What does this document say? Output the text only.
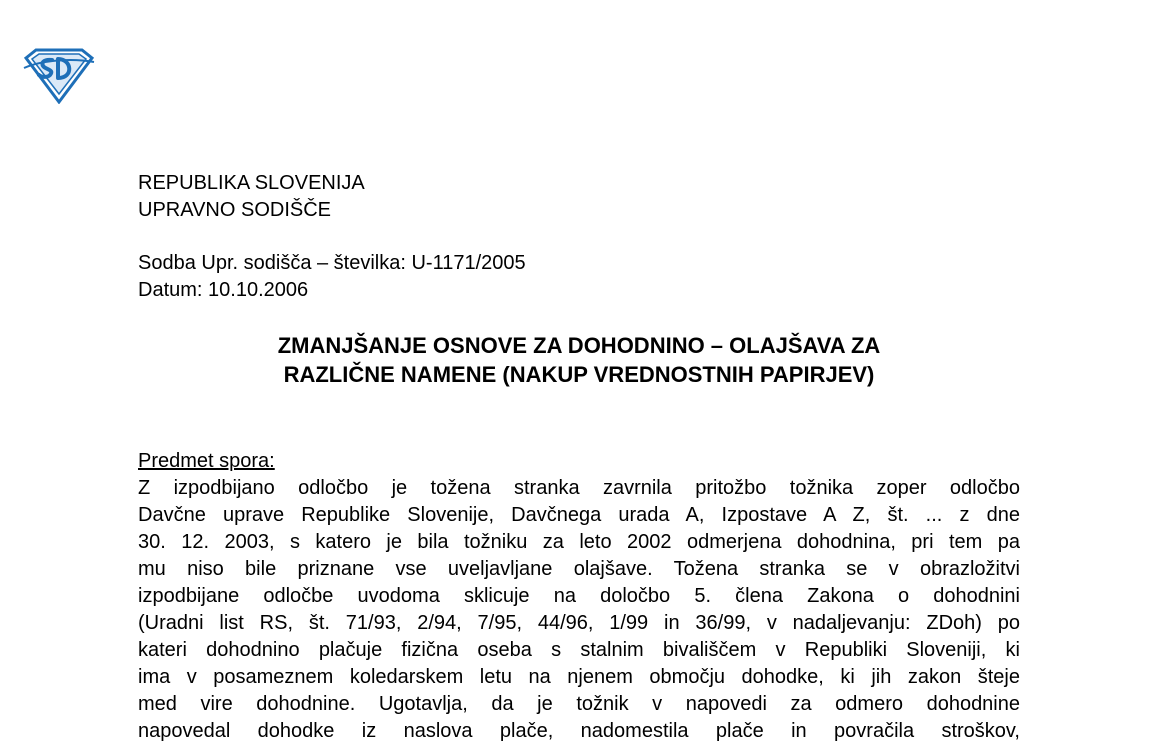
REPUBLIKA SLOVENIJA
UPRAVNO SODIŠČE
Sodba Upr. sodišča – številka: U-1171/2005
Datum: 10.10.2006
ZMANJŠANJE OSNOVE ZA DOHODNINO – OLAJŠAVA ZA
RAZLIČNE NAMENE (NAKUP VREDNOSTNIH PAPIRJEV)
Predmet spora:
Z izpodbijano odločbo je tožena stranka zavrnila pritožbo tožnika zoper odločbo
Davčne uprave Republike Slovenije, Davčnega urada A, Izpostave A Z, št. ... z dne
30. 12. 2003, s katero je bila tožniku za leto 2002 odmerjena dohodnina, pri tem pa
mu niso bile priznane vse uveljavljane olajšave. Tožena stranka se v obrazložitvi
izpodbijane odločbe uvodoma sklicuje na določbo 5. člena Zakona o dohodnini
(Uradni list RS, št. 71/93, 2/94, 7/95, 44/96, 1/99 in 36/99, v nadaljevanju: ZDoh) po
kateri dohodnino plačuje fizična oseba s stalnim bivališčem v Republiki Sloveniji, ki
ima v posameznem koledarskem letu na njenem območju dohodke, ki jih zakon šteje
med vire dohodnine. Ugotavlja, da je tožnik v napovedi za odmero dohodnine
napovedal dohodke iz naslova plače, nadomestila plače in povračila stroškov,
